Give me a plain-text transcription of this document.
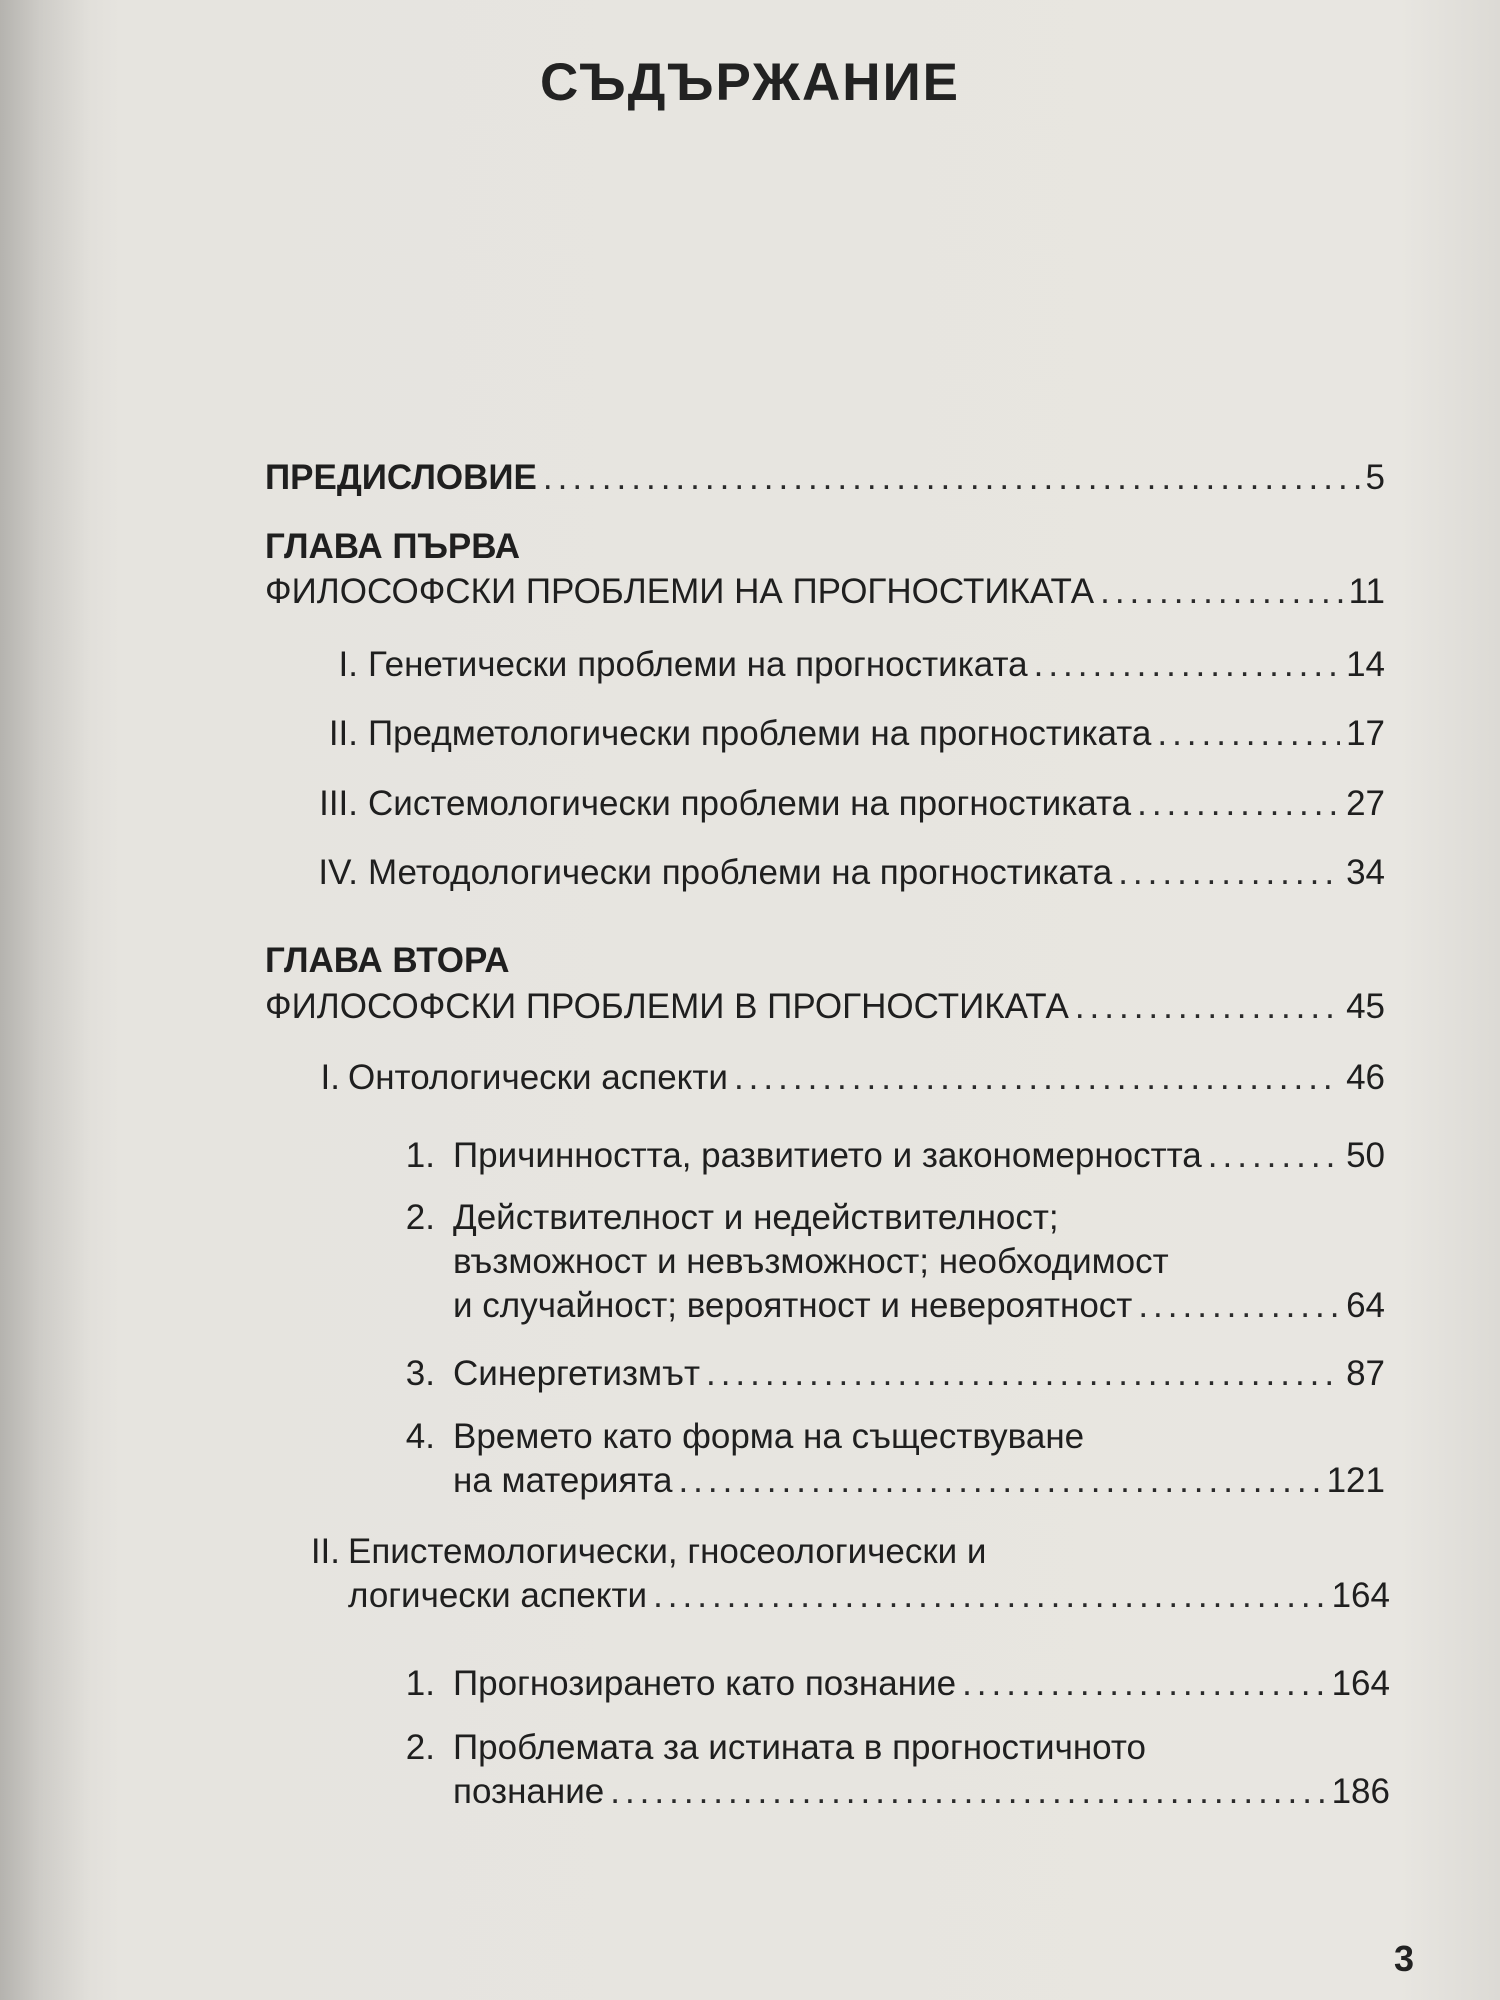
СЪДЪРЖАНИЕ
ПРЕДИСЛОВИЕ .....	5
ГЛАВА ПЪРВА
ФИЛОСОФСКИ ПРОБЛЕМИ НА ПРОГНОСТИКАТА .....	11
I. Генетически проблеми на прогностиката .....	14
II. Предметологически проблеми на прогностиката .....	17
III. Системологически проблеми на прогностиката .....	27
IV. Методологически проблеми на прогностиката .....	34
ГЛАВА ВТОРА
ФИЛОСОФСКИ ПРОБЛЕМИ В ПРОГНОСТИКАТА .....	45
I. Онтологически аспекти .....	46
1. Причинността, развитието и закономерността .....	50
2. Действителност и недействителност;
възможност и невъзможност; необходимост
и случайност; вероятност и невероятност .....	64
3. Синергетизмът .....	87
4. Времето като форма на съществуване
на материята .....	121
II. Епистемологически, гносеологически и
логически аспекти .....	164
1. Прогнозирането като познание .....	164
2. Проблемата за истината в прогностичното
познание .....	186
3
